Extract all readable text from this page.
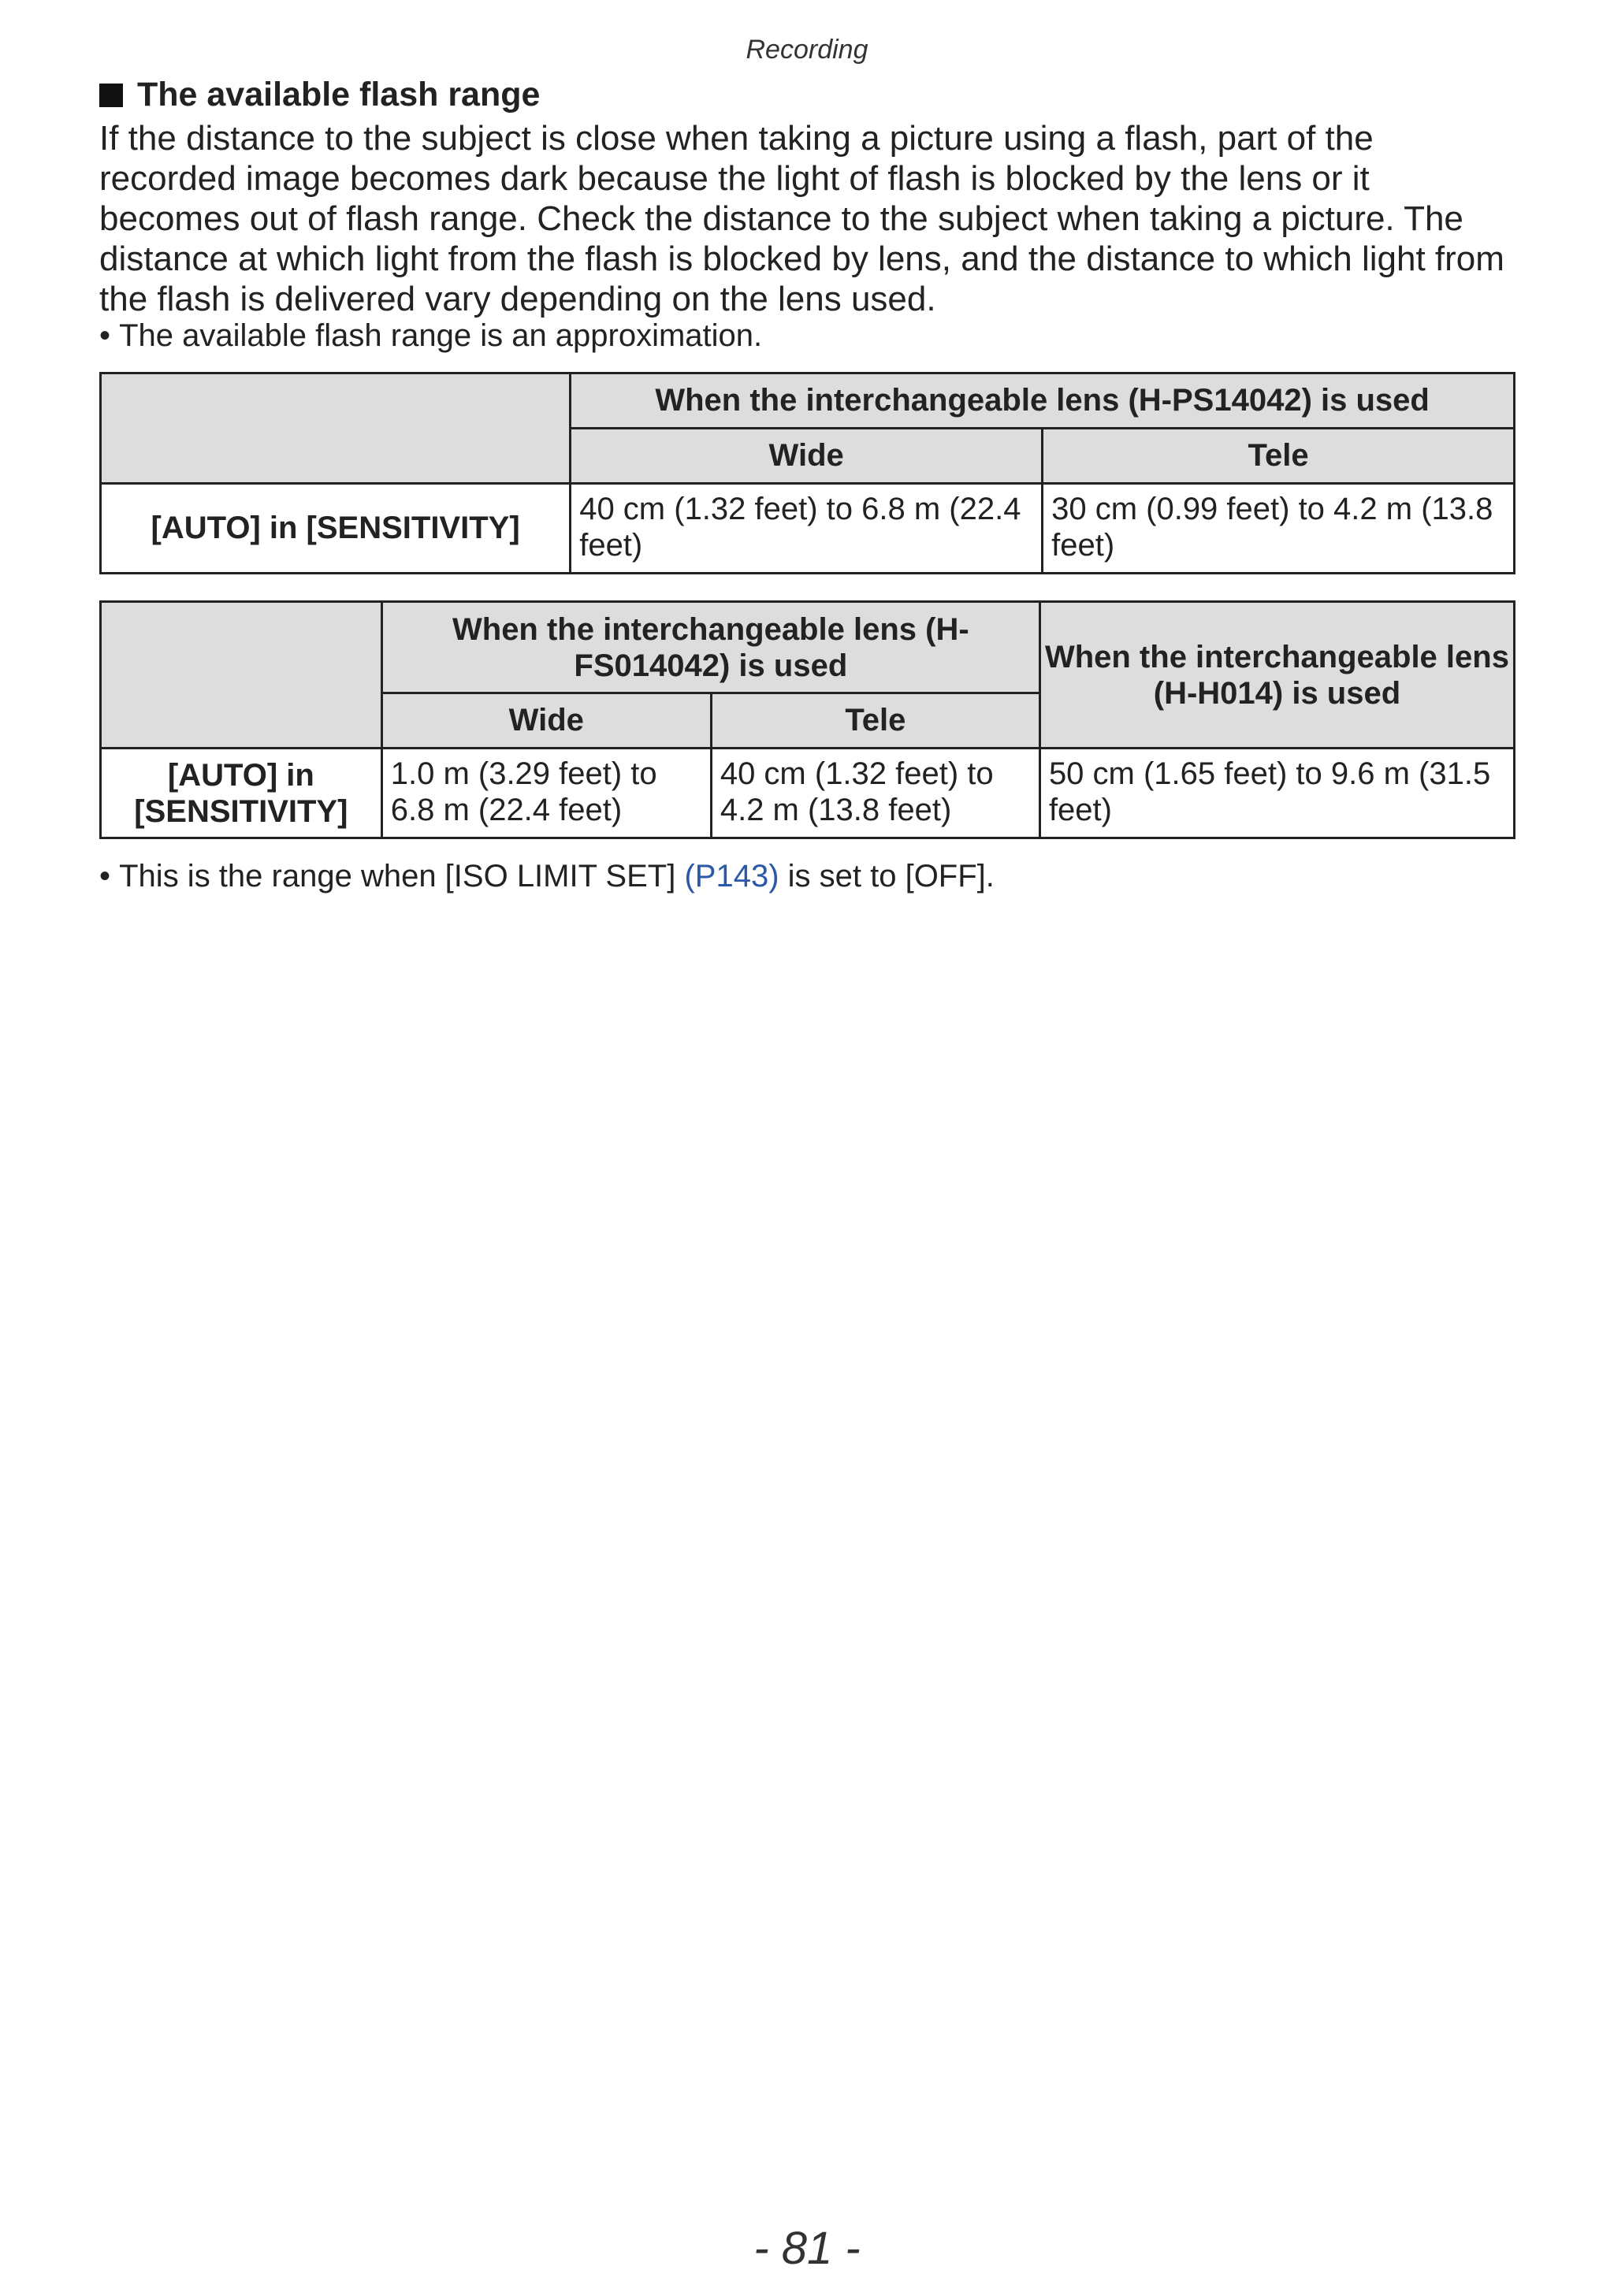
Recording
The available flash range
If the distance to the subject is close when taking a picture using a flash, part of the recorded image becomes dark because the light of flash is blocked by the lens or it becomes out of flash range. Check the distance to the subject when taking a picture. The distance at which light from the flash is blocked by lens, and the distance to which light from the flash is delivered vary depending on the lens used.
• The available flash range is an approximation.
	When the interchangeable lens (H-PS14042) is used	
	Wide	Tele
[AUTO] in [SENSITIVITY]	40 cm (1.32 feet) to 6.8 m (22.4 feet)	30 cm (0.99 feet) to 4.2 m (13.8 feet)
	When the interchangeable lens (H-FS014042) is used		When the interchangeable lens (H-H014) is used
	Wide	Tele	
[AUTO] in [SENSITIVITY]	1.0 m (3.29 feet) to 6.8 m (22.4 feet)	40 cm (1.32 feet) to 4.2 m (13.8 feet)	50 cm (1.65 feet) to 9.6 m (31.5 feet)
• This is the range when [ISO LIMIT SET] (P143) is set to [OFF].
- 81 -
